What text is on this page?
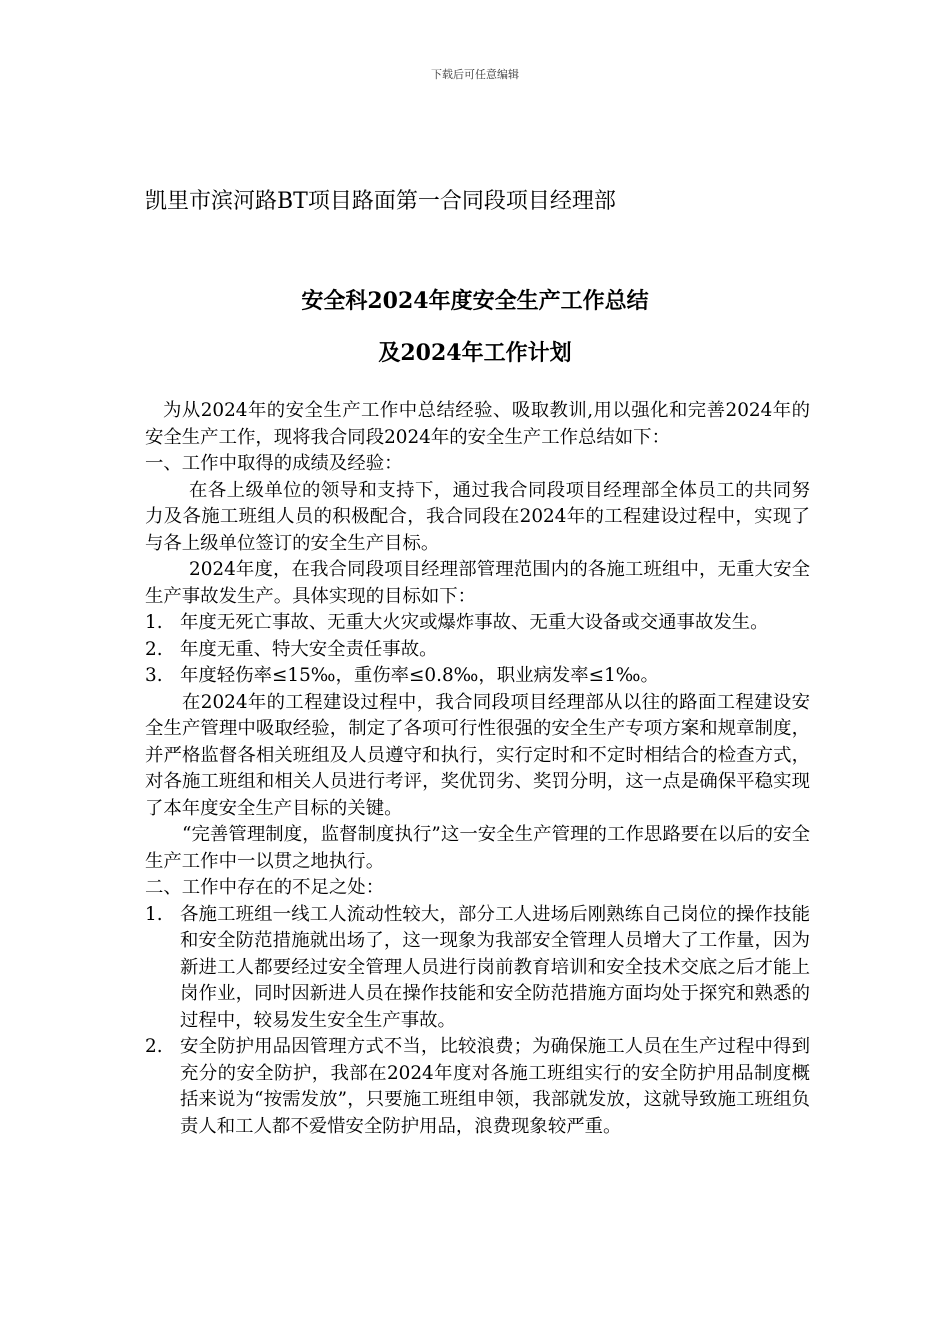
下载后可任意编辑
凯里市滨河路BT项目路面第一合同段项目经理部
安全科2024年度安全生产工作总结
及2024年工作计划

为从2024年的安全生产工作中总结经验、吸取教训,用以强化和完善2024年的安全生产工作，现将我合同段2024年的安全生产工作总结如下：

一、工作中取得的成绩及经验：

在各上级单位的领导和支持下，通过我合同段项目经理部全体员工的共同努力及各施工班组人员的积极配合，我合同段在2024年的工程建设过程中，实现了与各上级单位签订的安全生产目标。

2024年度，在我合同段项目经理部管理范围内的各施工班组中，无重大安全生产事故发生产。具体实现的目标如下：

1. 年度无死亡事故、无重大火灾或爆炸事故、无重大设备或交通事故发生。
2. 年度无重、特大安全责任事故。
3. 年度轻伤率≤15‰，重伤率≤0.8‰，职业病发率≤1‰。

在2024年的工程建设过程中，我合同段项目经理部从以往的路面工程建设安全生产管理中吸取经验，制定了各项可行性很强的安全生产专项方案和规章制度，并严格监督各相关班组及人员遵守和执行，实行定时和不定时相结合的检查方式，对各施工班组和相关人员进行考评，奖优罚劣、奖罚分明，这一点是确保平稳实现了本年度安全生产目标的关键。

“完善管理制度，监督制度执行”这一安全生产管理的工作思路要在以后的安全生产工作中一以贯之地执行。

二、工作中存在的不足之处：

1. 各施工班组一线工人流动性较大，部分工人进场后刚熟练自己岗位的操作技能和安全防范措施就出场了，这一现象为我部安全管理人员增大了工作量，因为新进工人都要经过安全管理人员进行岗前教育培训和安全技术交底之后才能上岗作业，同时因新进人员在操作技能和安全防范措施方面均处于探究和熟悉的过程中，较易发生安全生产事故。
2. 安全防护用品因管理方式不当，比较浪费；为确保施工人员在生产过程中得到充分的安全防护，我部在2024年度对各施工班组实行的安全防护用品制度概括来说为“按需发放”，只要施工班组申领，我部就发放，这就导致施工班组负责人和工人都不爱惜安全防护用品，浪费现象较严重。
